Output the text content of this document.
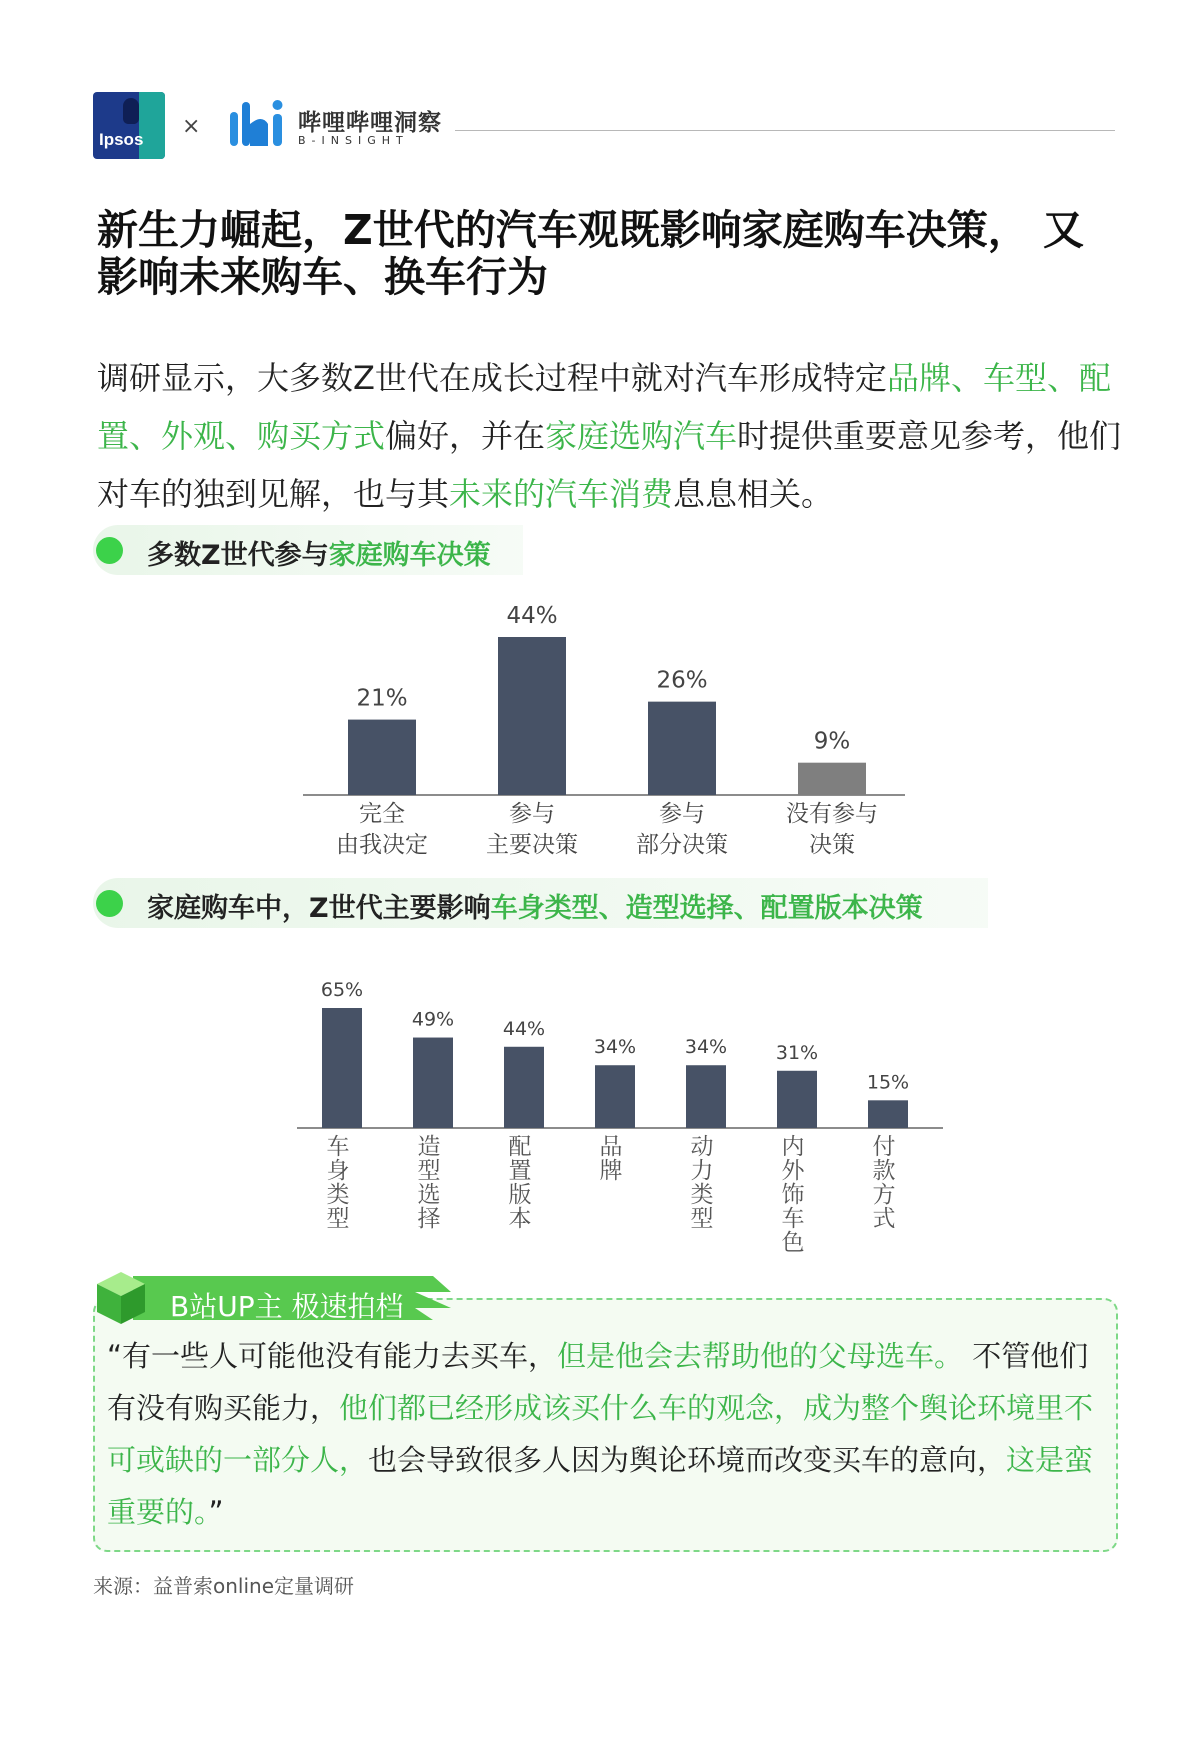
Ipsos
×	哔哩哔哩洞察
B-INSIGHT
新生力崛起，Z世代的汽车观既影响家庭购车决策， 又
影响未来购车、换车行为
调研显示，大多数Z世代在成长过程中就对汽车形成特定品牌、车型、配置、外观、购买方式偏好，并在家庭选购汽车时提供重要意见参考，他们对车的独到见解，也与其未来的汽车消费息息相关。
多数Z世代参与家庭购车决策
21%
完全
由我决定
44%
参与
主要决策
26%
参与
部分决策
9%
没有参与
决策
家庭购车中，Z世代主要影响车身类型、造型选择、配置版本决策
65%
车身类型
49%
造型选择
44%
配置版本
34%
品牌
34%
动力类型
31%
内外饰车色
15%
付款方式
B站UP主 极速拍档
“有一些人可能他没有能力去买车，但是他会去帮助他的父母选车。 不管他们有没有购买能力，他们都已经形成该买什么车的观念，成为整个舆论环境里不可或缺的一部分人，也会导致很多人因为舆论环境而改变买车的意向，这是蛮重要的。”
来源：益普索online定量调研
